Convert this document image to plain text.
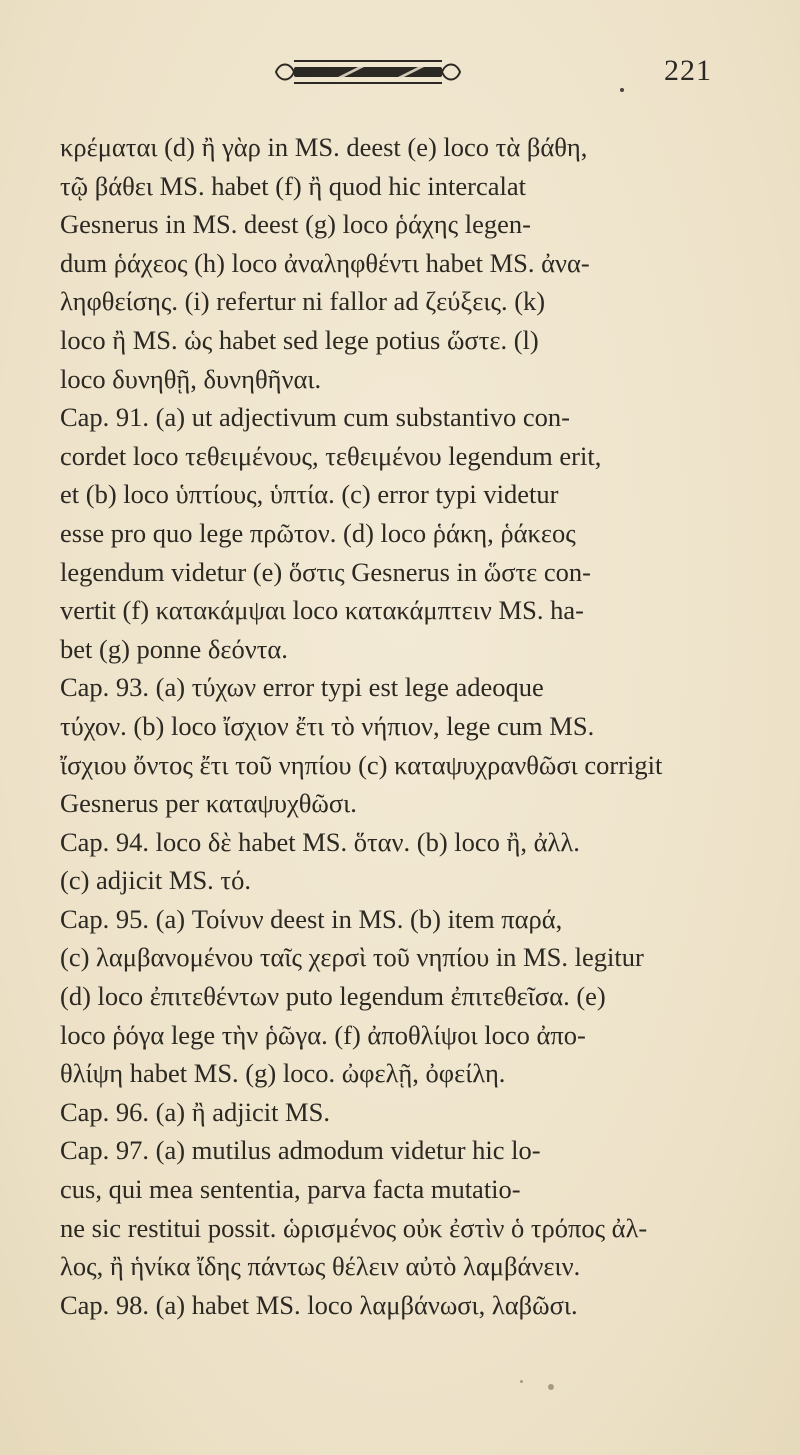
221
κρέμαται (d) ἢ γὰρ in MS. deest (e) loco τὰ βάθη,
τῷ βάθει MS. habet (f) ἢ quod hic intercalat
Gesnerus in MS. deest (g) loco ῥάχης legen-
dum ῥάχεος (h) loco ἀναληφθέντι habet MS. ἀνα-
ληφθείσης. (i) refertur ni fallor ad ζεύξεις. (k)
loco ἢ MS. ὡς habet sed lege potius ὥστε. (l)
loco δυνηθῇ, δυνηθῆναι.
Cap. 91. (a) ut adjectivum cum substantivo con-
cordet loco τεθειμένους, τεθειμένου legendum erit,
et (b) loco ὑπτίους, ὑπτία. (c) error typi videtur
esse pro quo lege πρῶτον. (d) loco ῥάκη, ῥάκεος
legendum videtur (e) ὅστις Gesnerus in ὥστε con-
vertit (f) κατακάμψαι loco κατακάμπτειν MS. ha-
bet (g) ponne δεόντα.
Cap. 93. (a) τύχων error typi est lege adeoque
τύχον. (b) loco ἴσχιον ἔτι τὸ νήπιον, lege cum MS.
ἴσχιου ὄντος ἔτι τοῦ νηπίου (c) καταψυχρανθῶσι corrigit
Gesnerus per καταψυχθῶσι.
Cap. 94. loco δὲ habet MS. ὅταν. (b) loco ἢ, ἀλλ.
(c) adjicit MS. τό.
Cap. 95. (a) Τοίνυν deest in MS. (b) item παρά,
(c) λαμβανομένου ταῖς χερσὶ τοῦ νηπίου in MS. legitur
(d) loco ἐπιτεθέντων puto legendum ἐπιτεθεῖσα. (e)
loco ῥόγα lege τὴν ῥῶγα. (f) ἀποθλίψοι loco ἀπο-
θλίψη habet MS. (g) loco. ὠφελῇ, ὀφείλη.
Cap. 96. (a) ἢ adjicit MS.
Cap. 97. (a) mutilus admodum videtur hic lo-
cus, qui mea sententia, parva facta mutatio-
ne sic restitui possit. ὡρισμένος οὐκ ἐστὶν ὁ τρόπος ἀλ-
λος, ἢ ἡνίκα ἴδης πάντως θέλειν αὐτὸ λαμβάνειν.
Cap. 98. (a) habet MS. loco λαμβάνωσι, λαβῶσι.
